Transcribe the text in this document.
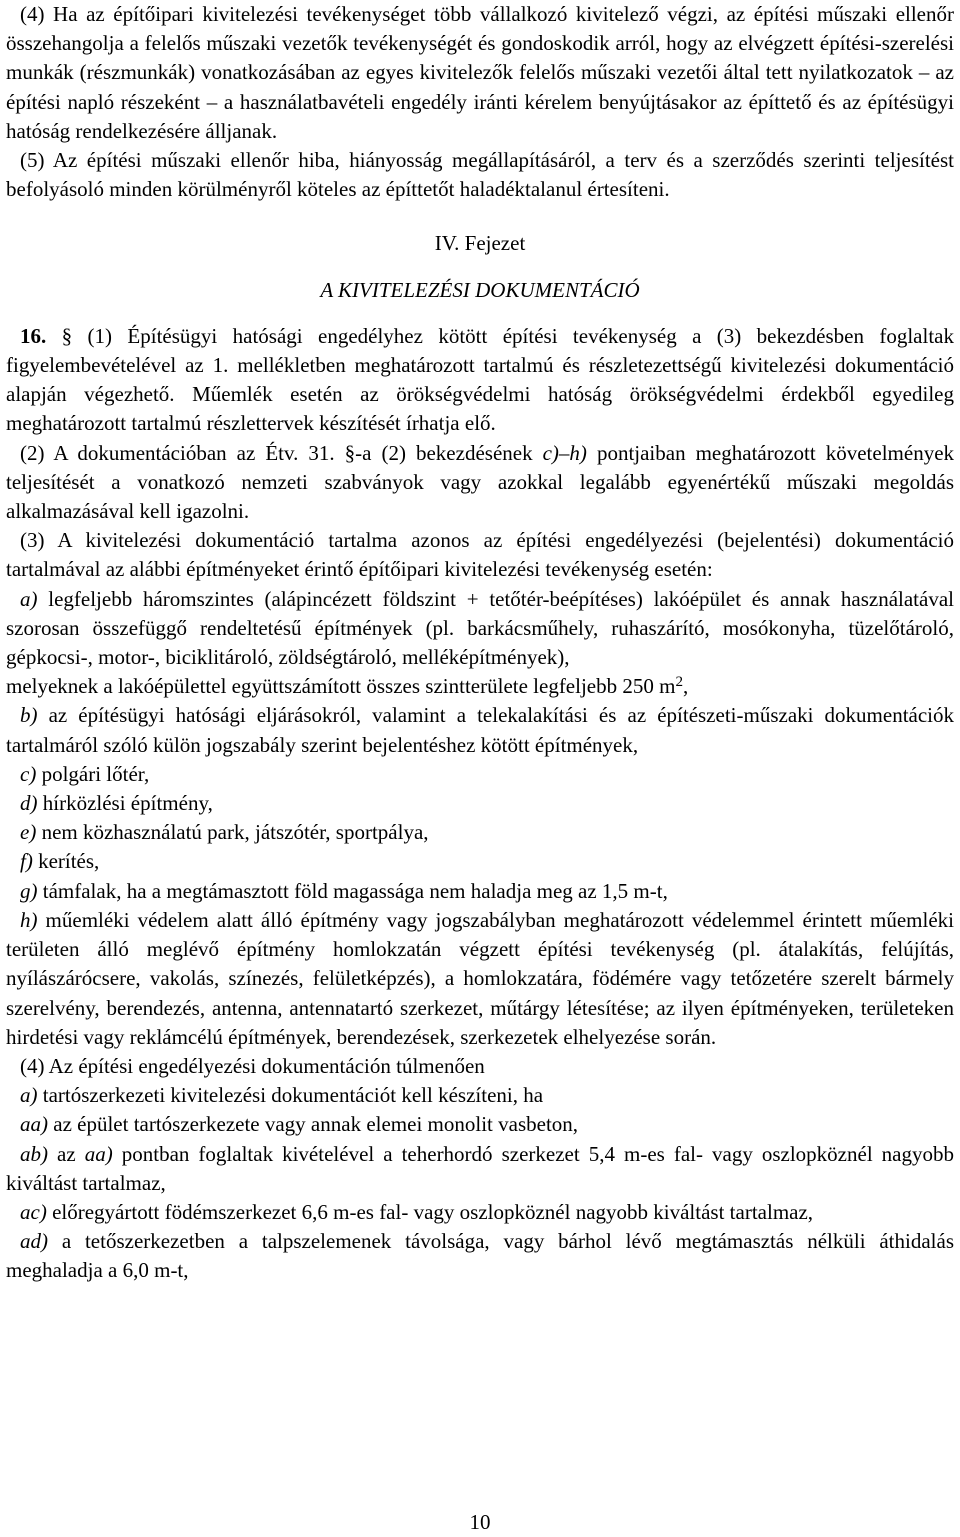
(4) Ha az építőipari kivitelezési tevékenységet több vállalkozó kivitelező végzi, az építési műszaki ellenőr összehangolja a felelős műszaki vezetők tevékenységét és gondoskodik arról, hogy az elvégzett építési-szerelési munkák (részmunkák) vonatkozásában az egyes kivitelezők felelős műszaki vezetői által tett nyilatkozatok – az építési napló részeként – a használatbavételi engedély iránti kérelem benyújtásakor az építtető és az építésügyi hatóság rendelkezésére álljanak.

(5) Az építési műszaki ellenőr hiba, hiányosság megállapításáról, a terv és a szerződés szerinti teljesítést befolyásoló minden körülményről köteles az építtetőt haladéktalanul értesíteni.

IV. Fejezet

A KIVITELEZÉSI DOKUMENTÁCIÓ

16. § (1) Építésügyi hatósági engedélyhez kötött építési tevékenység a (3) bekezdésben foglaltak figyelembevételével az 1. mellékletben meghatározott tartalmú és részletezettségű kivitelezési dokumentáció alapján végezhető. Műemlék esetén az örökségvédelmi hatóság örökségvédelmi érdekből egyedileg meghatározott tartalmú részlettervek készítését írhatja elő.

(2) A dokumentációban az Étv. 31. §-a (2) bekezdésének c)–h) pontjaiban meghatározott követelmények teljesítését a vonatkozó nemzeti szabványok vagy azokkal legalább egyenértékű műszaki megoldás alkalmazásával kell igazolni.

(3) A kivitelezési dokumentáció tartalma azonos az építési engedélyezési (bejelentési) dokumentáció tartalmával az alábbi építményeket érintő építőipari kivitelezési tevékenység esetén:

a) legfeljebb háromszintes (alápincézett földszint + tetőtér-beépítéses) lakóépület és annak használatával szorosan összefüggő rendeltetésű építmények (pl. barkácsműhely, ruhaszárító, mosókonyha, tüzelőtároló, gépkocsi-, motor-, biciklitároló, zöldségtároló, melléképítmények),

melyeknek a lakóépülettel együttszámított összes szintterülete legfeljebb 250 $m^2$,

b) az építésügyi hatósági eljárásokról, valamint a telekalakítási és az építészeti-műszaki dokumentációk tartalmáról szóló külön jogszabály szerint bejelentéshez kötött építmények,

c) polgári lőtér,

d) hírközlési építmény,

e) nem közhasználatú park, játszótér, sportpálya,

f) kerítés,

g) támfalak, ha a megtámasztott föld magassága nem haladja meg az 1,5 m-t,

h) műemléki védelem alatt álló építmény vagy jogszabályban meghatározott védelemmel érintett műemléki területen álló meglévő építmény homlokzatán végzett építési tevékenység (pl. átalakítás, felújítás, nyílászárócsere, vakolás, színezés, felületképzés), a homlokzatára, födémére vagy tetőzetére szerelt bármely szerelvény, berendezés, antenna, antennatartó szerkezet, műtárgy létesítése; az ilyen építményeken, területeken hirdetési vagy reklámcélú építmények, berendezések, szerkezetek elhelyezése során.

(4) Az építési engedélyezési dokumentáción túlmenően

a) tartószerkezeti kivitelezési dokumentációt kell készíteni, ha

aa) az épület tartószerkezete vagy annak elemei monolit vasbeton,

ab) az aa) pontban foglaltak kivételével a teherhordó szerkezet 5,4 m-es fal- vagy oszlopköznél nagyobb kiváltást tartalmaz,

ac) előregyártott födémszerkezet 6,6 m-es fal- vagy oszlopköznél nagyobb kiváltást tartalmaz,

ad) a tetőszerkezetben a talpszelemenek távolsága, vagy bárhol lévő megtámasztás nélküli áthidalás meghaladja a 6,0 m-t,

10
